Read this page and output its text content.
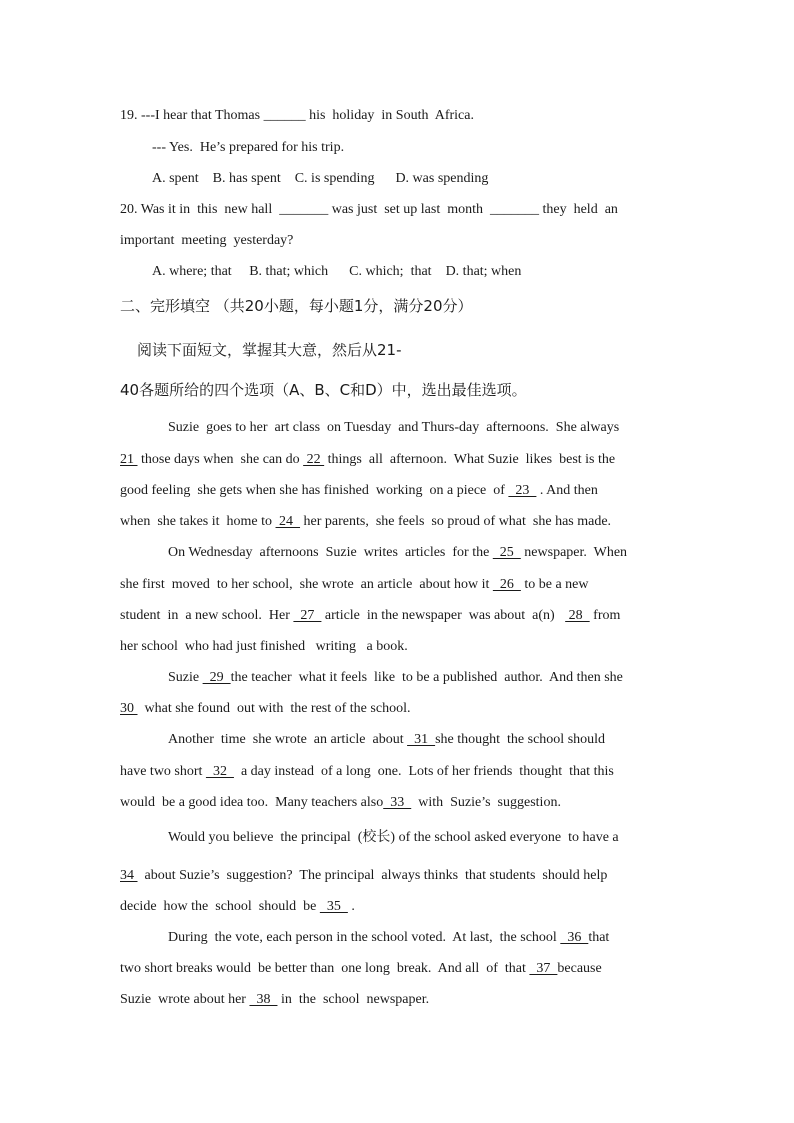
19. ---I hear that Thomas ______ his  holiday  in South  Africa.
--- Yes.  He’s prepared for his trip.
A. spent    B. has spent    C. is spending      D. was spending
20. Was it in  this  new hall  _______ was just  set up last  month  _______ they  held  an
important  meeting  yesterday?
A. where; that     B. that; which      C. which;  that    D. that; when
二、完形填空 （共20小题，每小题1分，满分20分）
阅读下面短文，掌握其大意，然后从21-
40各题所给的四个选项（A、B、C和D）中，选出最佳选项。
Suzie  goes to her  art class  on Tuesday  and Thurs-day  afternoons.  She always
21  those days when  she can do  22  things  all  afternoon.  What Suzie  likes  best is the
good feeling  she gets when she has finished  working  on a piece  of   23   . And then
when  she takes it  home to  24   her parents,  she feels  so proud of what  she has made.
On Wednesday  afternoons  Suzie  writes  articles  for the   25   newspaper.  When
she first  moved  to her school,  she wrote  an article  about how it   26   to be a new
student  in  a new school.  Her   27   article  in the newspaper  was about  a(n)    28   from
her school  who had just finished   writing   a book.
Suzie   29  the teacher  what it feels  like  to be a published  author.  And then she
30   what she found  out with  the rest of the school.
Another  time  she wrote  an article  about   31  she thought  the school should
have two short   32    a day instead  of a long  one.  Lots of her friends  thought  that this
would  be a good idea too.  Many teachers also  33    with  Suzie’s  suggestion.
Would you believe  the principal  (校长) of the school asked everyone  to have a
34   about Suzie’s  suggestion?  The principal  always thinks  that students  should help
decide  how the  school  should  be   35   .
During  the vote, each person in the school voted.  At last,  the school   36  that
two short breaks would  be better than  one long  break.  And all  of  that   37  because
Suzie  wrote about her   38   in  the  school  newspaper.
